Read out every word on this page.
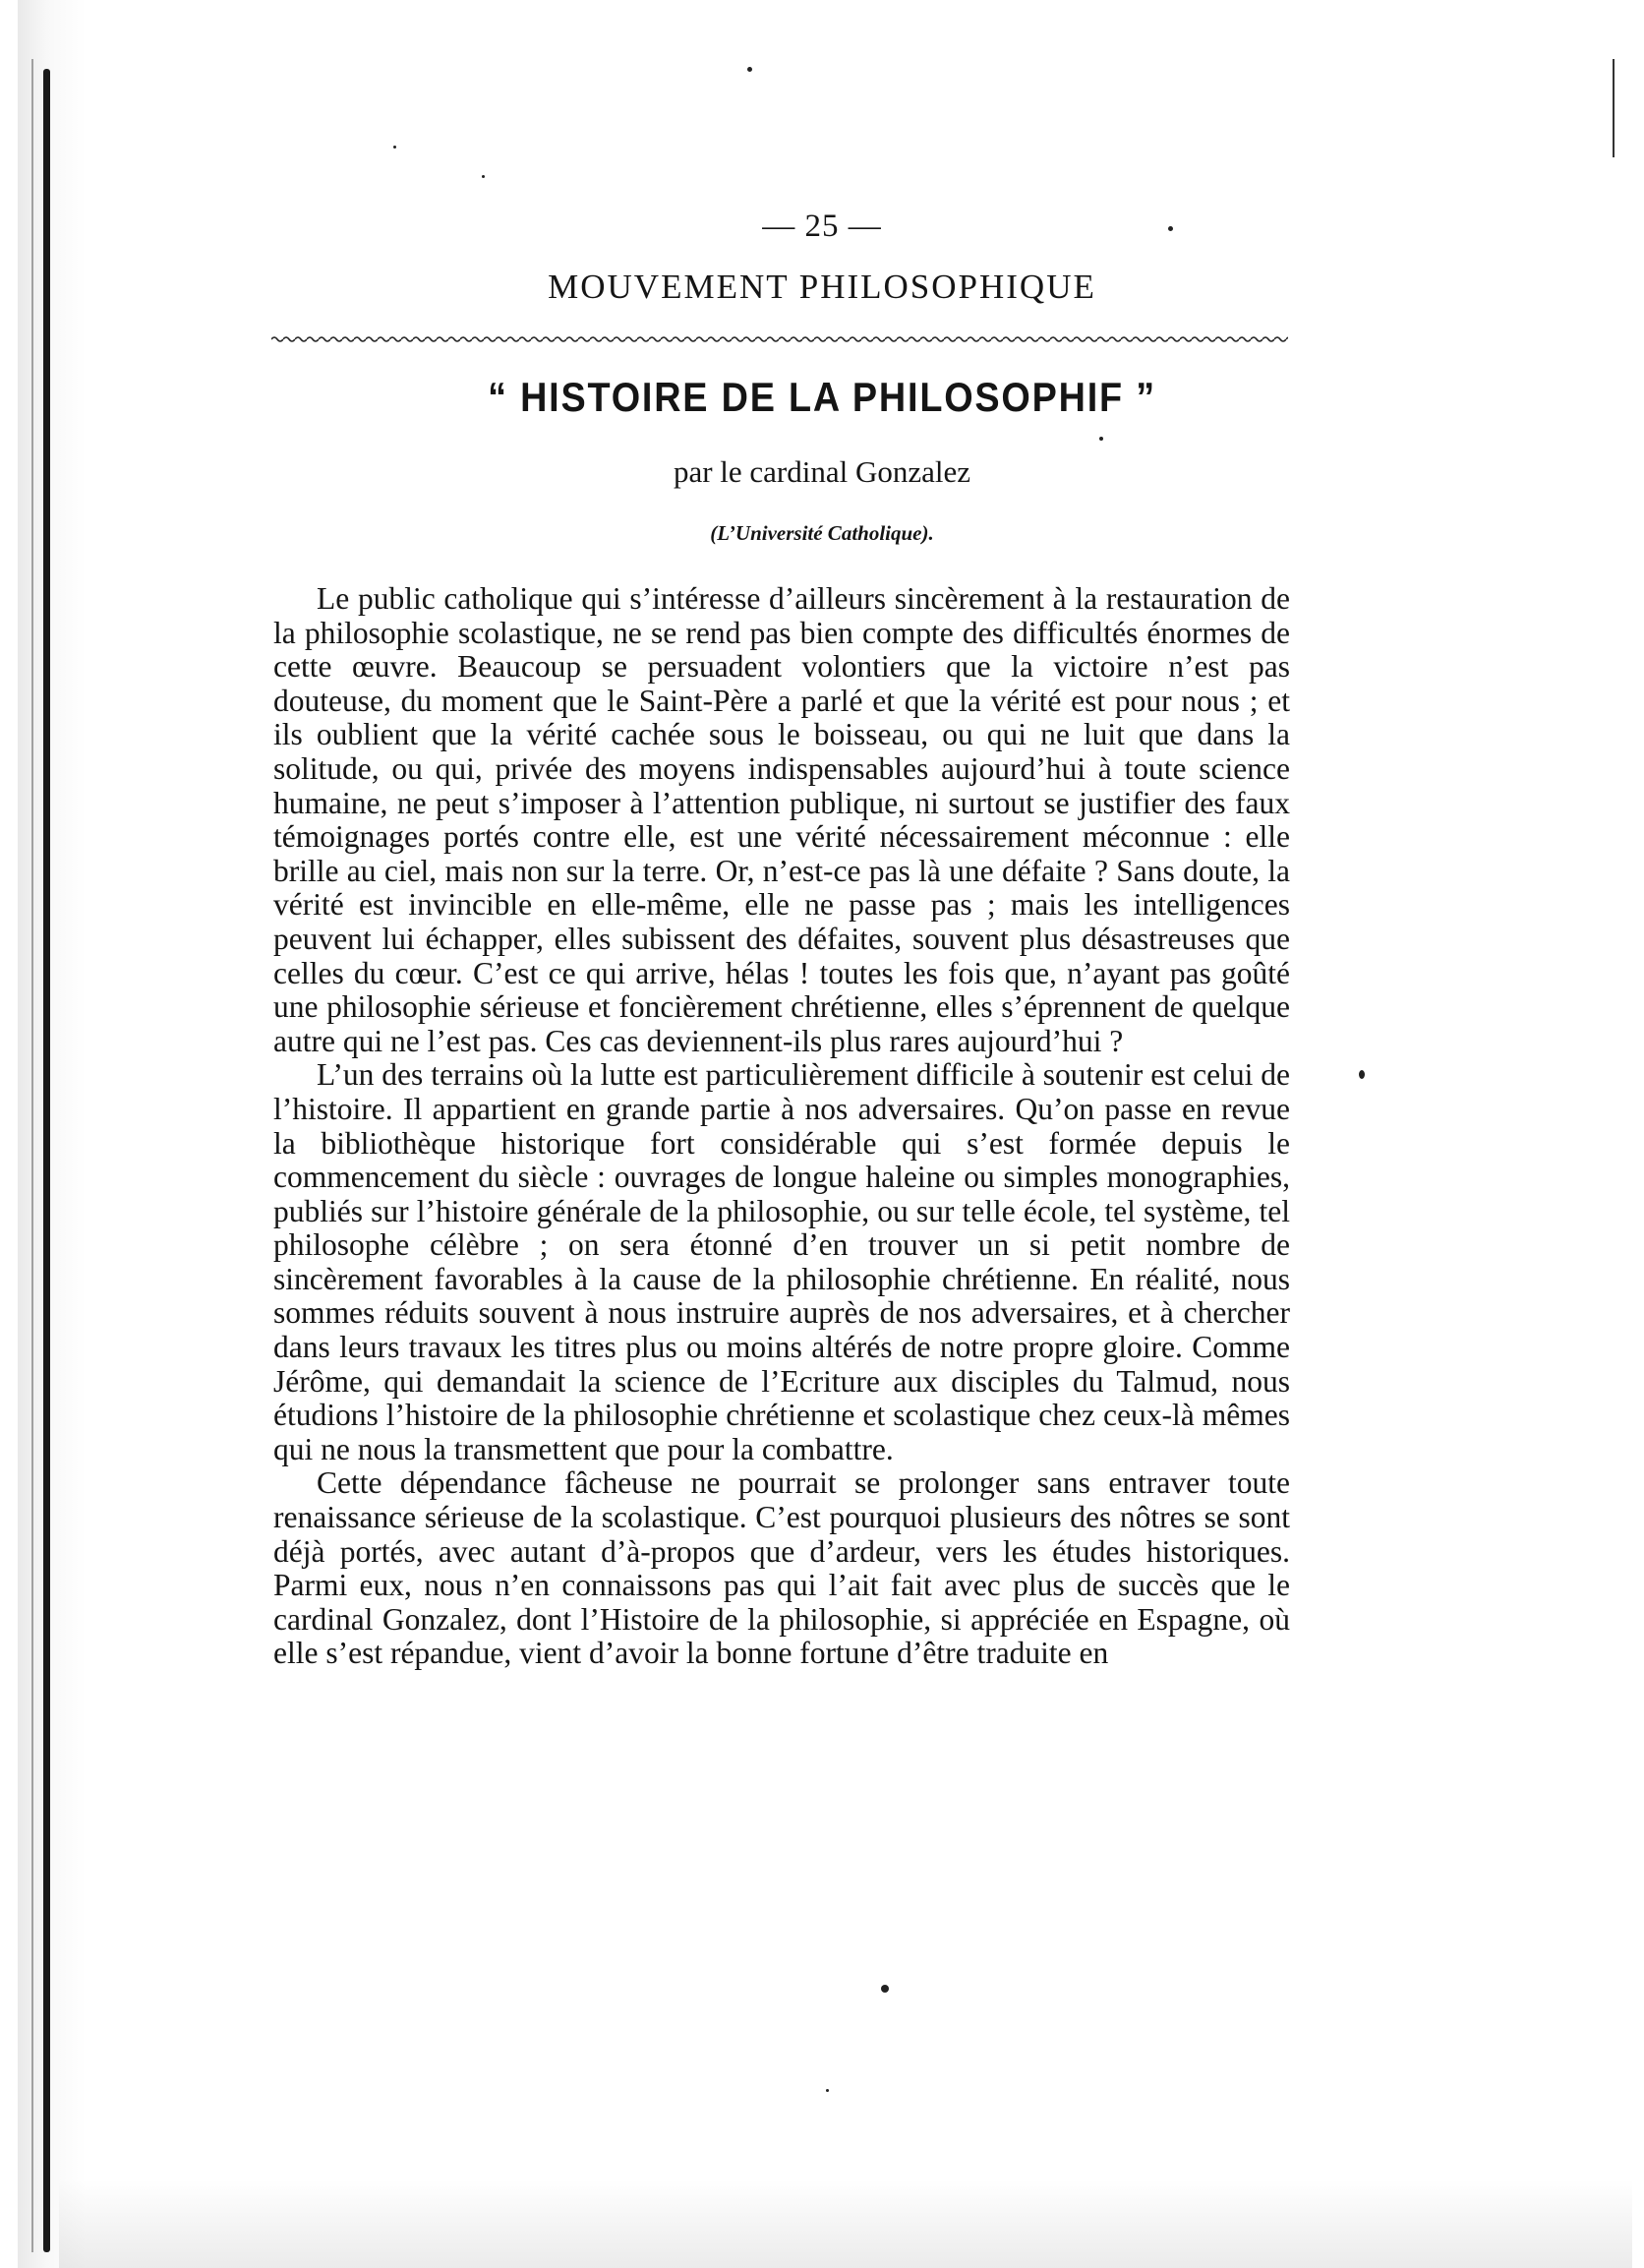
— 25 —
MOUVEMENT PHILOSOPHIQUE
“ HISTOIRE DE LA PHILOSOPHIF ”
par le cardinal Gonzalez
(L’Université Catholique).

Le public catholique qui s’intéresse d’ailleurs sincèrement à la restauration de la philosophie scolastique, ne se rend pas bien compte des difficultés énormes de cette œuvre. Beaucoup se persuadent volontiers que la victoire n’est pas douteuse, du moment que le Saint-Père a parlé et que la vérité est pour nous ; et ils oublient que la vérité cachée sous le boisseau, ou qui ne luit que dans la solitude, ou qui, privée des moyens indispensables aujourd’hui à toute science humaine, ne peut s’imposer à l’attention publique, ni surtout se justifier des faux témoignages portés contre elle, est une vérité nécessairement méconnue : elle brille au ciel, mais non sur la terre. Or, n’est-ce pas là une défaite ? Sans doute, la vérité est invincible en elle-même, elle ne passe pas ; mais les intelligences peuvent lui échapper, elles subissent des défaites, souvent plus désastreuses que celles du cœur. C’est ce qui arrive, hélas ! toutes les fois que, n’ayant pas goûté une philosophie sérieuse et foncièrement chrétienne, elles s’éprennent de quelque autre qui ne l’est pas. Ces cas deviennent-ils plus rares aujourd’hui ?

L’un des terrains où la lutte est particulièrement difficile à soutenir est celui de l’histoire. Il appartient en grande partie à nos adversaires. Qu’on passe en revue la bibliothèque historique fort considérable qui s’est formée depuis le commencement du siècle : ouvrages de longue haleine ou simples monographies, publiés sur l’histoire générale de la philosophie, ou sur telle école, tel système, tel philosophe célèbre ; on sera étonné d’en trouver un si petit nombre de sincèrement favorables à la cause de la philosophie chrétienne. En réalité, nous sommes réduits souvent à nous instruire auprès de nos adversaires, et à chercher dans leurs travaux les titres plus ou moins altérés de notre propre gloire. Comme Jérôme, qui demandait la science de l’Ecriture aux disciples du Talmud, nous étudions l’histoire de la philosophie chrétienne et scolastique chez ceux-là mêmes qui ne nous la transmettent que pour la combattre.

Cette dépendance fâcheuse ne pourrait se prolonger sans entraver toute renaissance sérieuse de la scolastique. C’est pourquoi plusieurs des nôtres se sont déjà portés, avec autant d’à-propos que d’ardeur, vers les études historiques. Parmi eux, nous n’en connaissons pas qui l’ait fait avec plus de succès que le cardinal Gonzalez, dont l’Histoire de la philosophie, si appréciée en Espagne, où elle s’est répandue, vient d’avoir la bonne fortune d’être traduite en
